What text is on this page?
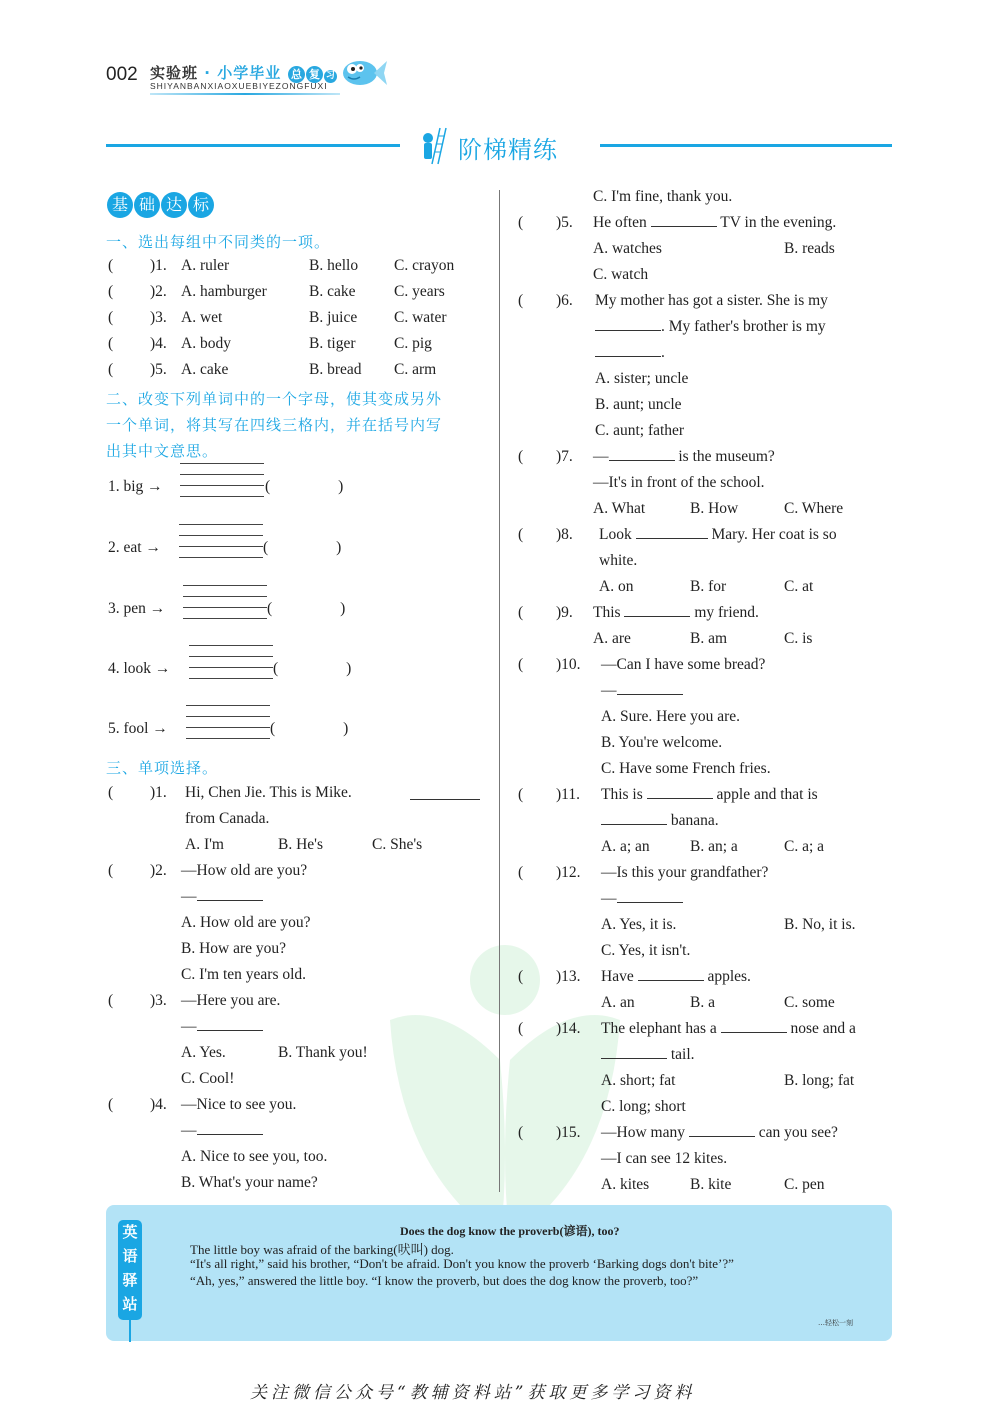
002 实验班 · 小学毕业 总 复 习
SHIYANBANXIAOXUEBIYEZONGFUXI
阶梯精练
基 础 达 标
一、选出每组中不同类的一项。
( )1. A. ruler	B. hello C. crayon
( )2. A. hamburger	B. cake C. years
( )3. A. wet	B. juice C. water
( )4. A. body	B. tiger C. pig
( )5. A. cake	B. bread C. arm
二、改变下列单词中的一个字母，使其变成另外
一个单词，将其写在四线三格内，并在括号内写
出其中文意思。
1. big →	(	)
2. eat →	(	)
3. pen →	(	)
4. look →	(	)
5. fool →	(	)
三、单项选择。
( )1. Hi, Chen Jie. This is Mike.
from Canada.
A. I'm	B. He's	C. She's
( )2. —How old are you?
—
A. How old are you?
B. How are you?
C. I'm ten years old.
( )3. —Here you are.
—
A. Yes.	B. Thank you!
C. Cool!
( )4. —Nice to see you.
—
A. Nice to see you, too.
B. What's your name?
C. I'm fine, thank you.
( )5. He often	TV in the evening.
A. watches	B. reads
C. watch
( )6. My mother has got a sister. She is my
. My father's brother is my
.
A. sister; uncle
B. aunt; uncle
C. aunt; father
( )7. —	is the museum?
—It's in front of the school.
A. What	B. How	C. Where
( )8. Look	Mary. Her coat is so
white.
A. on	B. for	C. at
( )9. This	my friend.
A. are	B. am	C. is
( )10. —Can I have some bread?
—
A. Sure. Here you are.
B. You're welcome.
C. Have some French fries.
( )11. This is	apple and that is
banana.
A. a; an	B. an; a	C. a; a
( )12. —Is this your grandfather?
—
A. Yes, it is.	B. No, it is.
C. Yes, it isn't.
( )13. Have	apples.
A. an	B. a	C. some
( )14. The elephant has a	nose and a
tail.
A. short; fat	B. long; fat
C. long; short
( )15. —How many	can you see?
—I can see 12 kites.
A. kites	B. kite	C. pen
英
语
驿
站
Does the dog know the proverb(谚语), too?
The little boy was afraid of the barking(吠叫) dog.
“It's all right,” said his brother, “Don't be afraid. Don't you know the proverb ‘Barking dogs don't bite’?”
“Ah, yes,” answered the little boy. “I know the proverb, but does the dog know the proverb, too?”
…轻松一刻
关注微信公众号“教辅资料站”获取更多学习资料
